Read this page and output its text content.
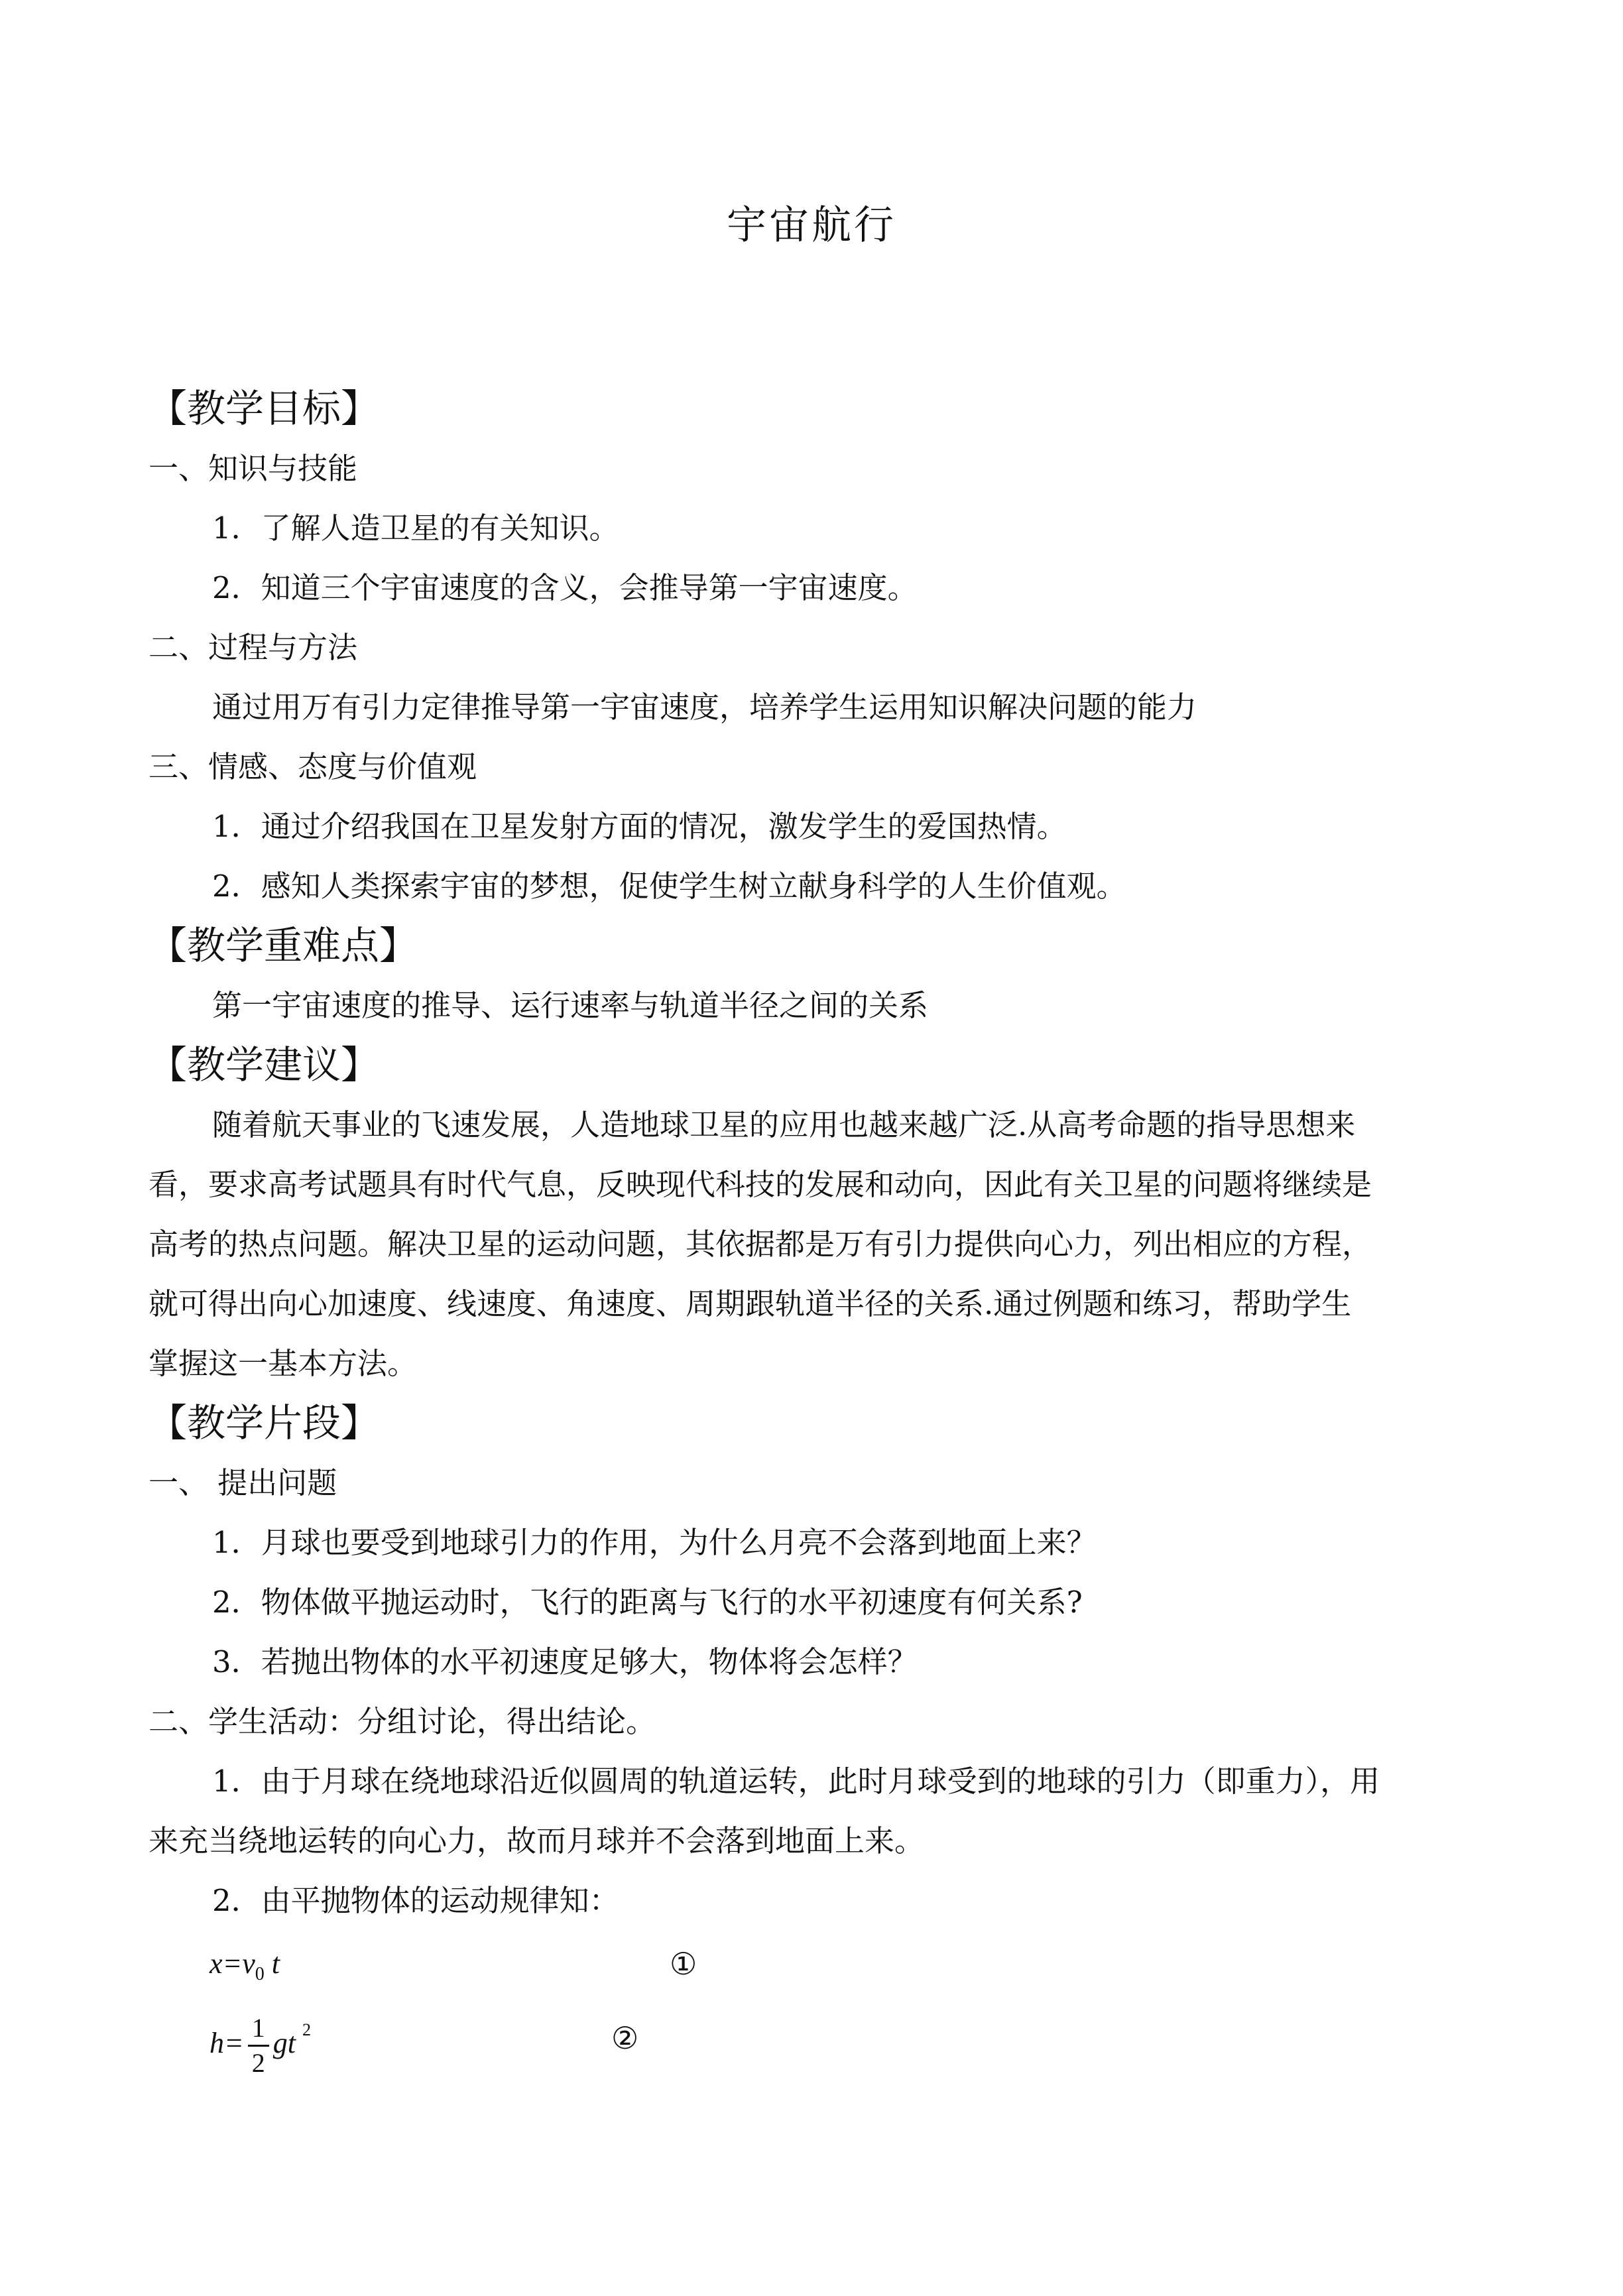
宇宙航行
【教学目标】
一、知识与技能
1．了解人造卫星的有关知识。
2．知道三个宇宙速度的含义，会推导第一宇宙速度。
二、过程与方法
通过用万有引力定律推导第一宇宙速度，培养学生运用知识解决问题的能力
三、情感、态度与价值观
1．通过介绍我国在卫星发射方面的情况，激发学生的爱国热情。
2．感知人类探索宇宙的梦想，促使学生树立献身科学的人生价值观。
【教学重难点】
第一宇宙速度的推导、运行速率与轨道半径之间的关系
【教学建议】
随着航天事业的飞速发展，人造地球卫星的应用也越来越广泛.从高考命题的指导思想来
看，要求高考试题具有时代气息，反映现代科技的发展和动向，因此有关卫星的问题将继续是
高考的热点问题。解决卫星的运动问题，其依据都是万有引力提供向心力，列出相应的方程，
就可得出向心加速度、线速度、角速度、周期跟轨道半径的关系.通过例题和练习，帮助学生
掌握这一基本方法。
【教学片段】
一、 提出问题
1．月球也要受到地球引力的作用，为什么月亮不会落到地面上来？
2．物体做平抛运动时，飞行的距离与飞行的水平初速度有何关系?
3．若抛出物体的水平初速度足够大，物体将会怎样？
二、学生活动：分组讨论，得出结论。
1．由于月球在绕地球沿近似圆周的轨道运转，此时月球受到的地球的引力（即重力），用
来充当绕地运转的向心力，故而月球并不会落到地面上来。
2．由平抛物体的运动规律知：
$x=v_0$ t	①
$h= \frac{1}{2}$ gt $^2$	②
